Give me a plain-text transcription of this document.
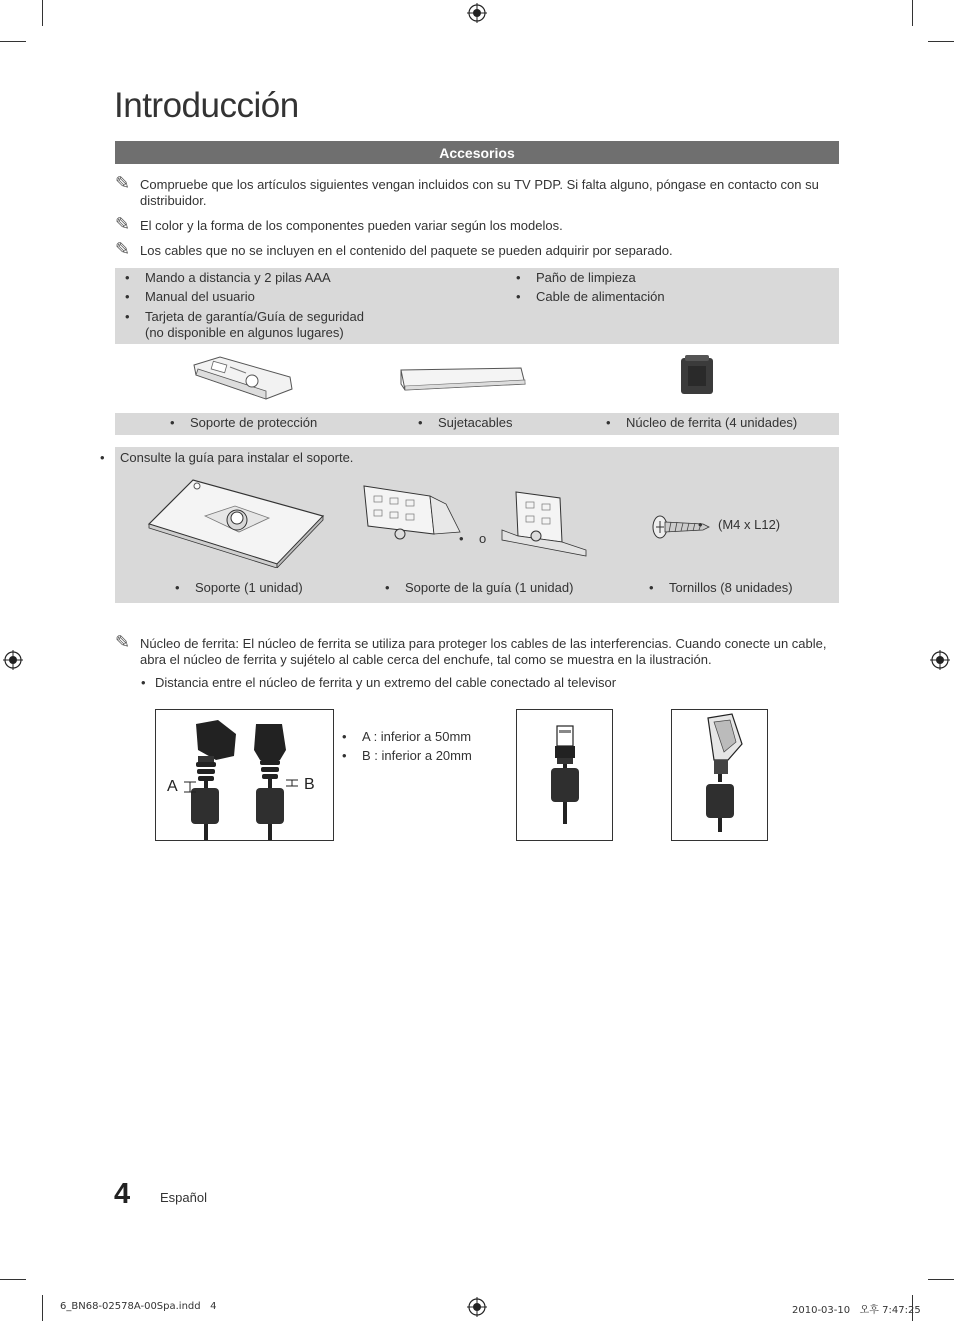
Introducción
Accesorios
✎ Compruebe que los artículos siguientes vengan incluidos con su TV PDP. Si falta alguno, póngase en contacto con su distribuidor.
✎ El color y la forma de los componentes pueden variar según los modelos.
✎ Los cables que no se incluyen en el contenido del paquete se pueden adquirir por separado.
• Mando a distancia y 2 pilas AAA
• Manual del usuario
• Tarjeta de garantía/Guía de seguridad (no disponible en algunos lugares)
• Paño de limpieza
• Cable de alimentación
• Soporte de protección	• Sujetacables	• Núcleo de ferrita (4 unidades)
• Consulte la guía para instalar el soporte.
• o
• (M4 x L12)
• Soporte (1 unidad)	• Soporte de la guía (1 unidad)	• Tornillos (8 unidades)
✎ Núcleo de ferrita: El núcleo de ferrita se utiliza para proteger los cables de las interferencias. Cuando conecte un cable, abra el núcleo de ferrita y sujételo al cable cerca del enchufe, tal como se muestra en la ilustración.
• Distancia entre el núcleo de ferrita y un extremo del cable conectado al televisor
A	B
• A : inferior a 50mm
• B : inferior a 20mm
4 Español
6_BN68-02578A-00Spa.indd   4	2010-03-10   오후 7:47:25
